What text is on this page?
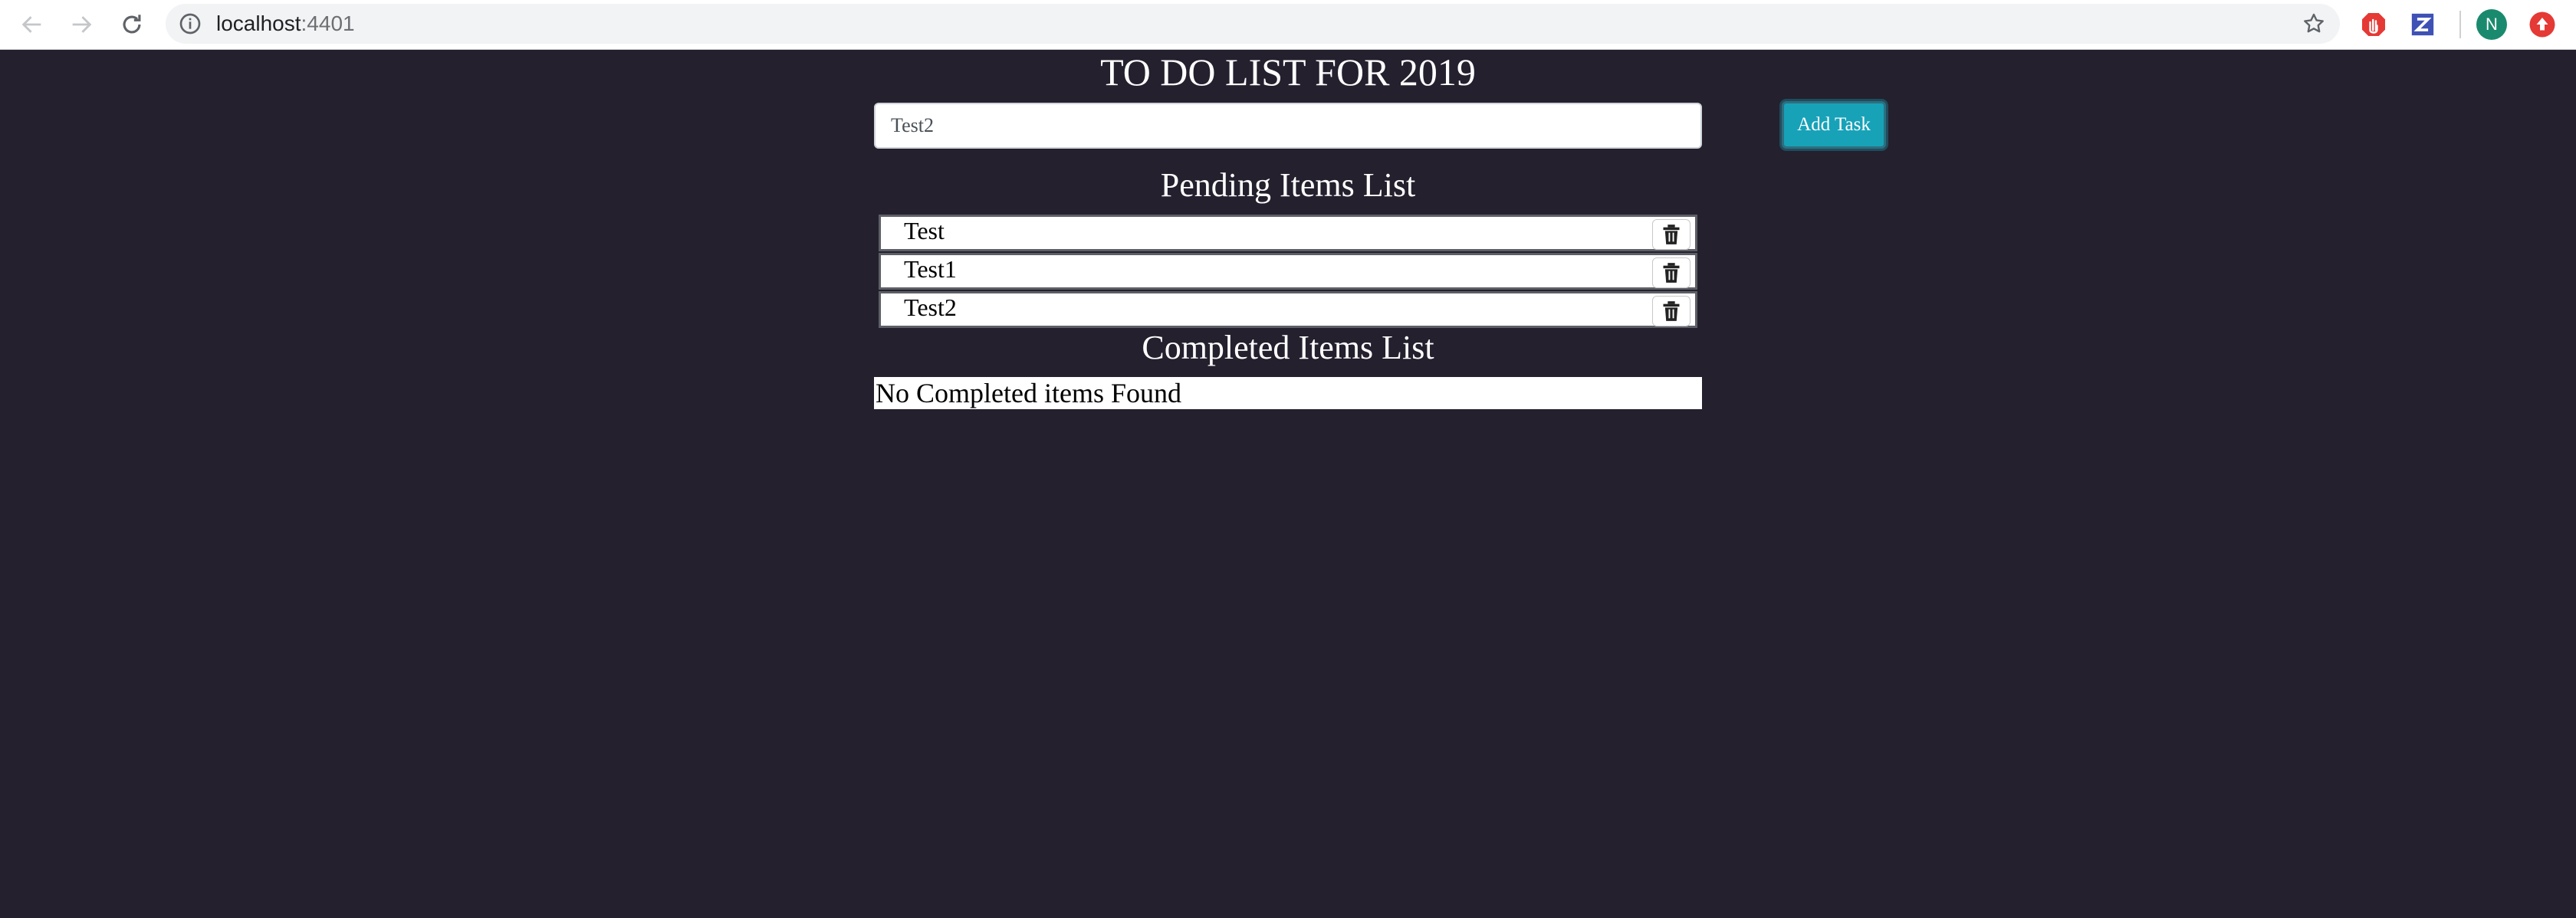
localhost:4401	N
TO DO LIST FOR 2019
Test2
Add Task
Pending Items List
Test
Test1
Test2
Completed Items List
No Completed items Found
